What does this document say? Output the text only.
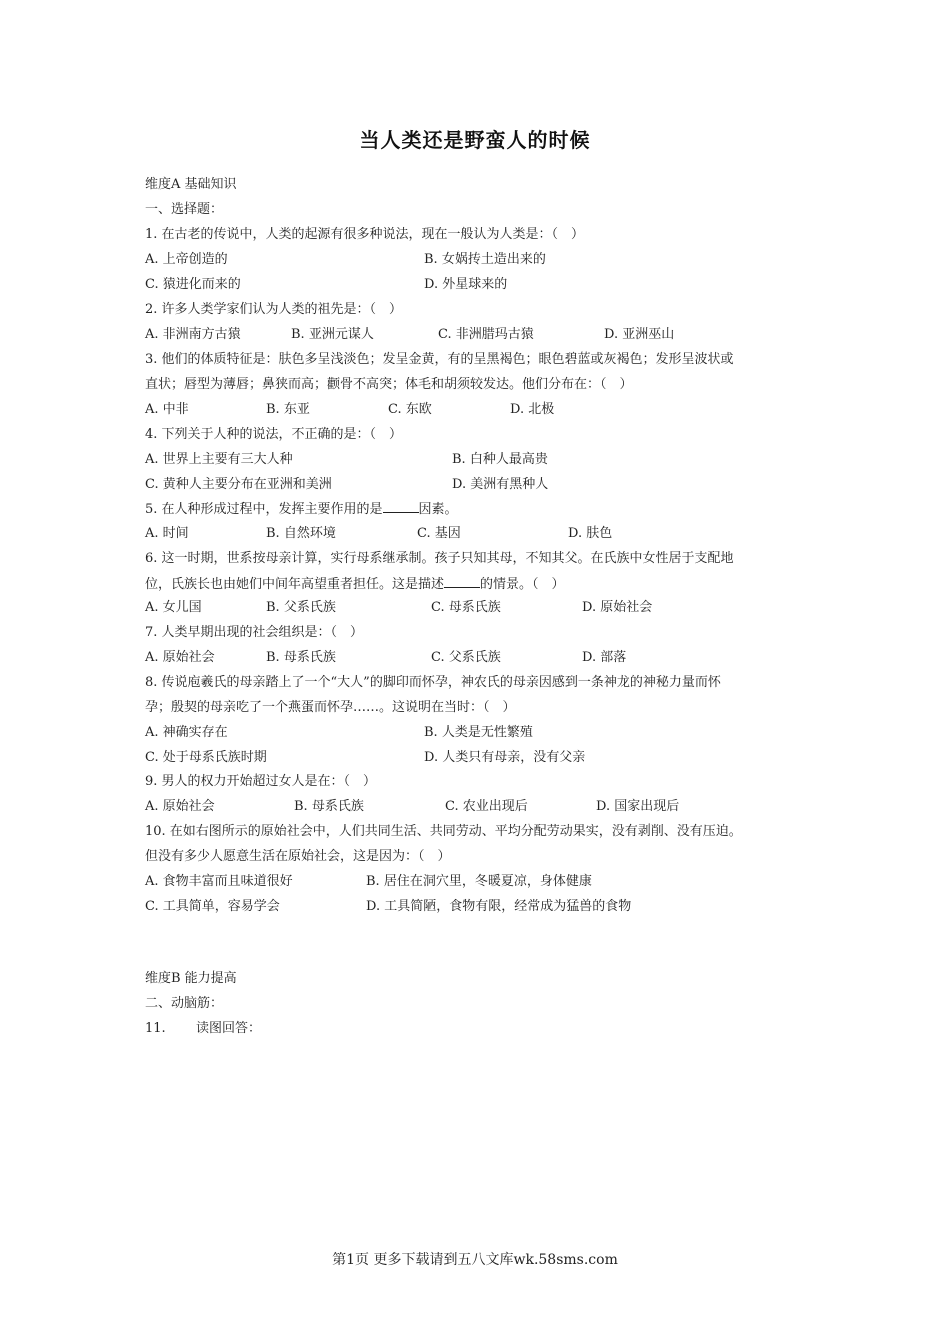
当人类还是野蛮人的时候
维度A 基础知识
一、选择题：
1. 在古老的传说中，人类的起源有很多种说法，现在一般认为人类是：（　）
A. 上帝创造的	B. 女娲抟土造出来的
C. 猿进化而来的	D. 外星球来的
2. 许多人类学家们认为人类的祖先是：（　）
A. 非洲南方古猿	B. 亚洲元谋人	C. 非洲腊玛古猿	D. 亚洲巫山
3. 他们的体质特征是：肤色多呈浅淡色；发呈金黄，有的呈黑褐色；眼色碧蓝或灰褐色；发形呈波状或
直状；唇型为薄唇；鼻狭而高；颧骨不高突；体毛和胡须较发达。他们分布在：（　）
A. 中非	B. 东亚	C. 东欧	D. 北极
4. 下列关于人种的说法，不正确的是：（　）
A. 世界上主要有三大人种	B. 白种人最高贵
C. 黄种人主要分布在亚洲和美洲	D. 美洲有黑种人
5. 在人种形成过程中，发挥主要作用的是	因素。
A. 时间	B. 自然环境	C. 基因	D. 肤色
6. 这一时期，世系按母亲计算，实行母系继承制。孩子只知其母，不知其父。在氏族中女性居于支配地
位，氏族长也由她们中间年高望重者担任。这是描述	的情景。（　）
A. 女儿国	B. 父系氏族	C. 母系氏族	D. 原始社会
7. 人类早期出现的社会组织是：（　）
A. 原始社会	B. 母系氏族	C. 父系氏族	D. 部落
8. 传说庖羲氏的母亲踏上了一个“大人”的脚印而怀孕，神农氏的母亲因感到一条神龙的神秘力量而怀
孕；殷契的母亲吃了一个燕蛋而怀孕……。这说明在当时：（　）
A. 神确实存在	B. 人类是无性繁殖
C. 处于母系氏族时期	D. 人类只有母亲，没有父亲
9. 男人的权力开始超过女人是在：（　）
A. 原始社会	B. 母系氏族	C. 农业出现后	D. 国家出现后
10. 在如右图所示的原始社会中，人们共同生活、共同劳动、平均分配劳动果实，没有剥削、没有压迫。
但没有多少人愿意生活在原始社会，这是因为：（　）
A. 食物丰富而且味道很好	B. 居住在洞穴里，冬暖夏凉，身体健康
C. 工具简单，容易学会	D. 工具简陋，食物有限，经常成为猛兽的食物
维度B 能力提高
二、动脑筋：
11. 读图回答：
第1页 更多下载请到五八文库wk.58sms.com
